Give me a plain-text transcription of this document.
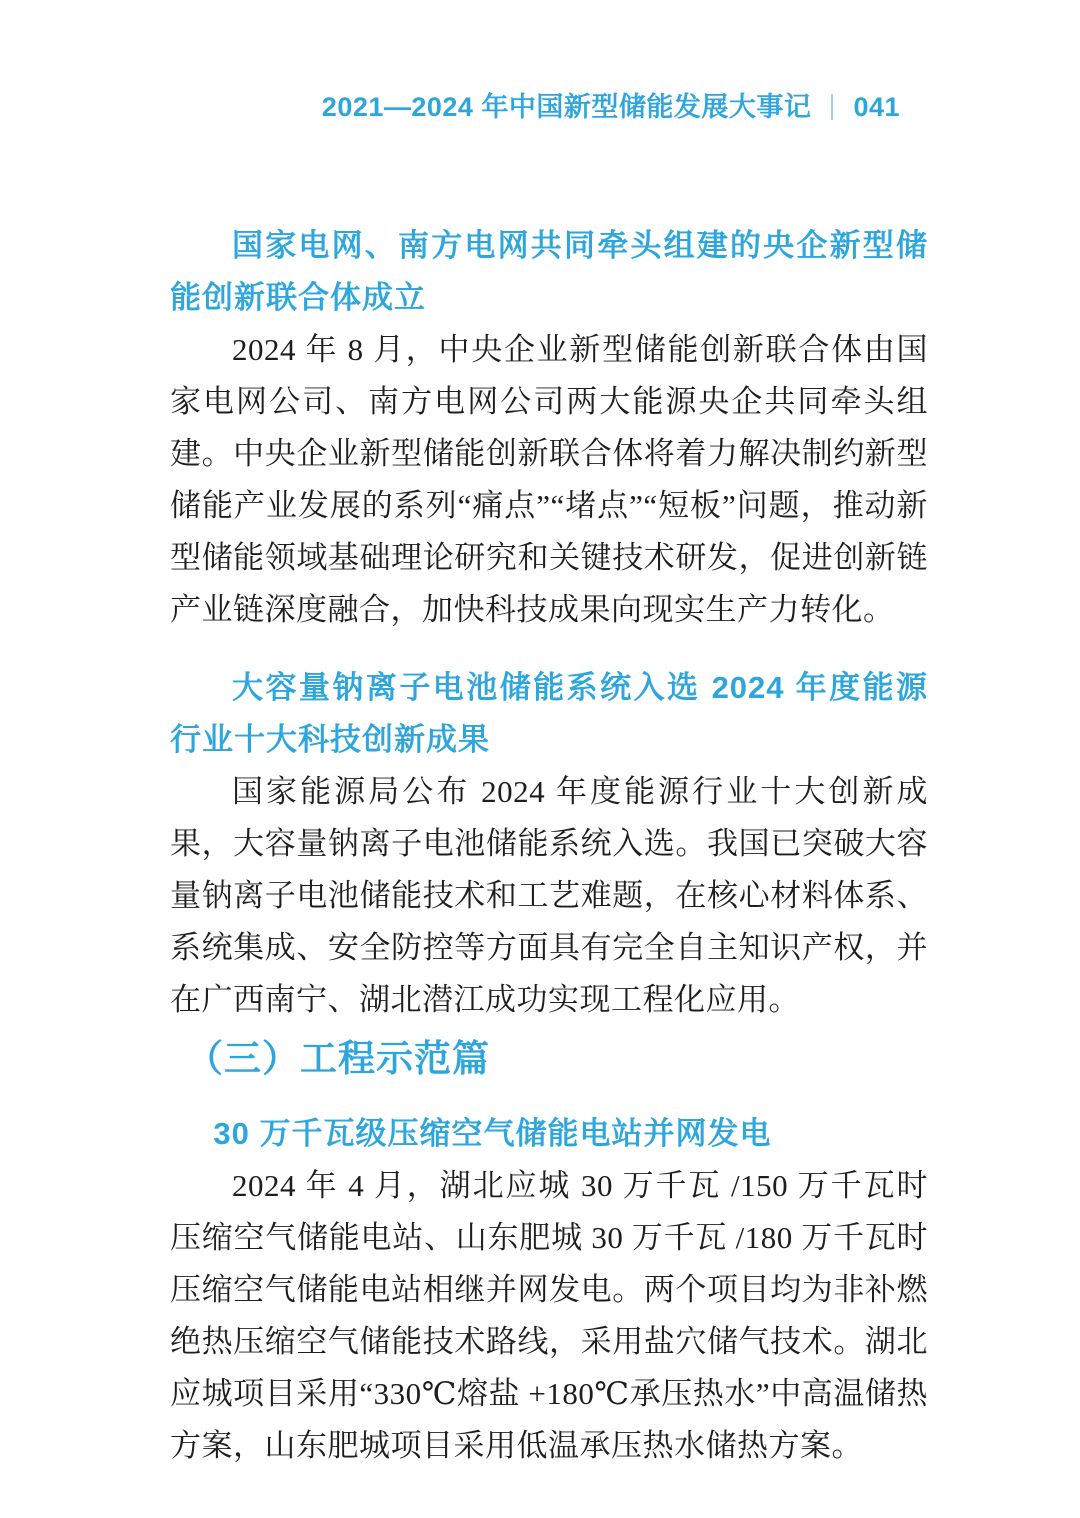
2021—2024 年中国新型储能发展大事记 041
国家电网、南方电网共同牵头组建的央企新型储能创新联合体成立

2024 年 8 月，中央企业新型储能创新联合体由国家电网公司、南方电网公司两大能源央企共同牵头组建。中央企业新型储能创新联合体将着力解决制约新型储能产业发展的系列“痛点”“堵点”“短板”问题，推动新型储能领域基础理论研究和关键技术研发，促进创新链产业链深度融合，加快科技成果向现实生产力转化。

大容量钠离子电池储能系统入选 2024 年度能源行业十大科技创新成果

国家能源局公布 2024 年度能源行业十大创新成果，大容量钠离子电池储能系统入选。我国已突破大容量钠离子电池储能技术和工艺难题，在核心材料体系、系统集成、安全防控等方面具有完全自主知识产权，并在广西南宁、湖北潜江成功实现工程化应用。

（三）工程示范篇
30 万千瓦级压缩空气储能电站并网发电

2024 年 4 月，湖北应城 30 万千瓦 /150 万千瓦时压缩空气储能电站、山东肥城 30 万千瓦 /180 万千瓦时压缩空气储能电站相继并网发电。两个项目均为非补燃绝热压缩空气储能技术路线，采用盐穴储气技术。湖北应城项目采用“330℃熔盐 +180℃承压热水”中高温储热方案，山东肥城项目采用低温承压热水储热方案。
